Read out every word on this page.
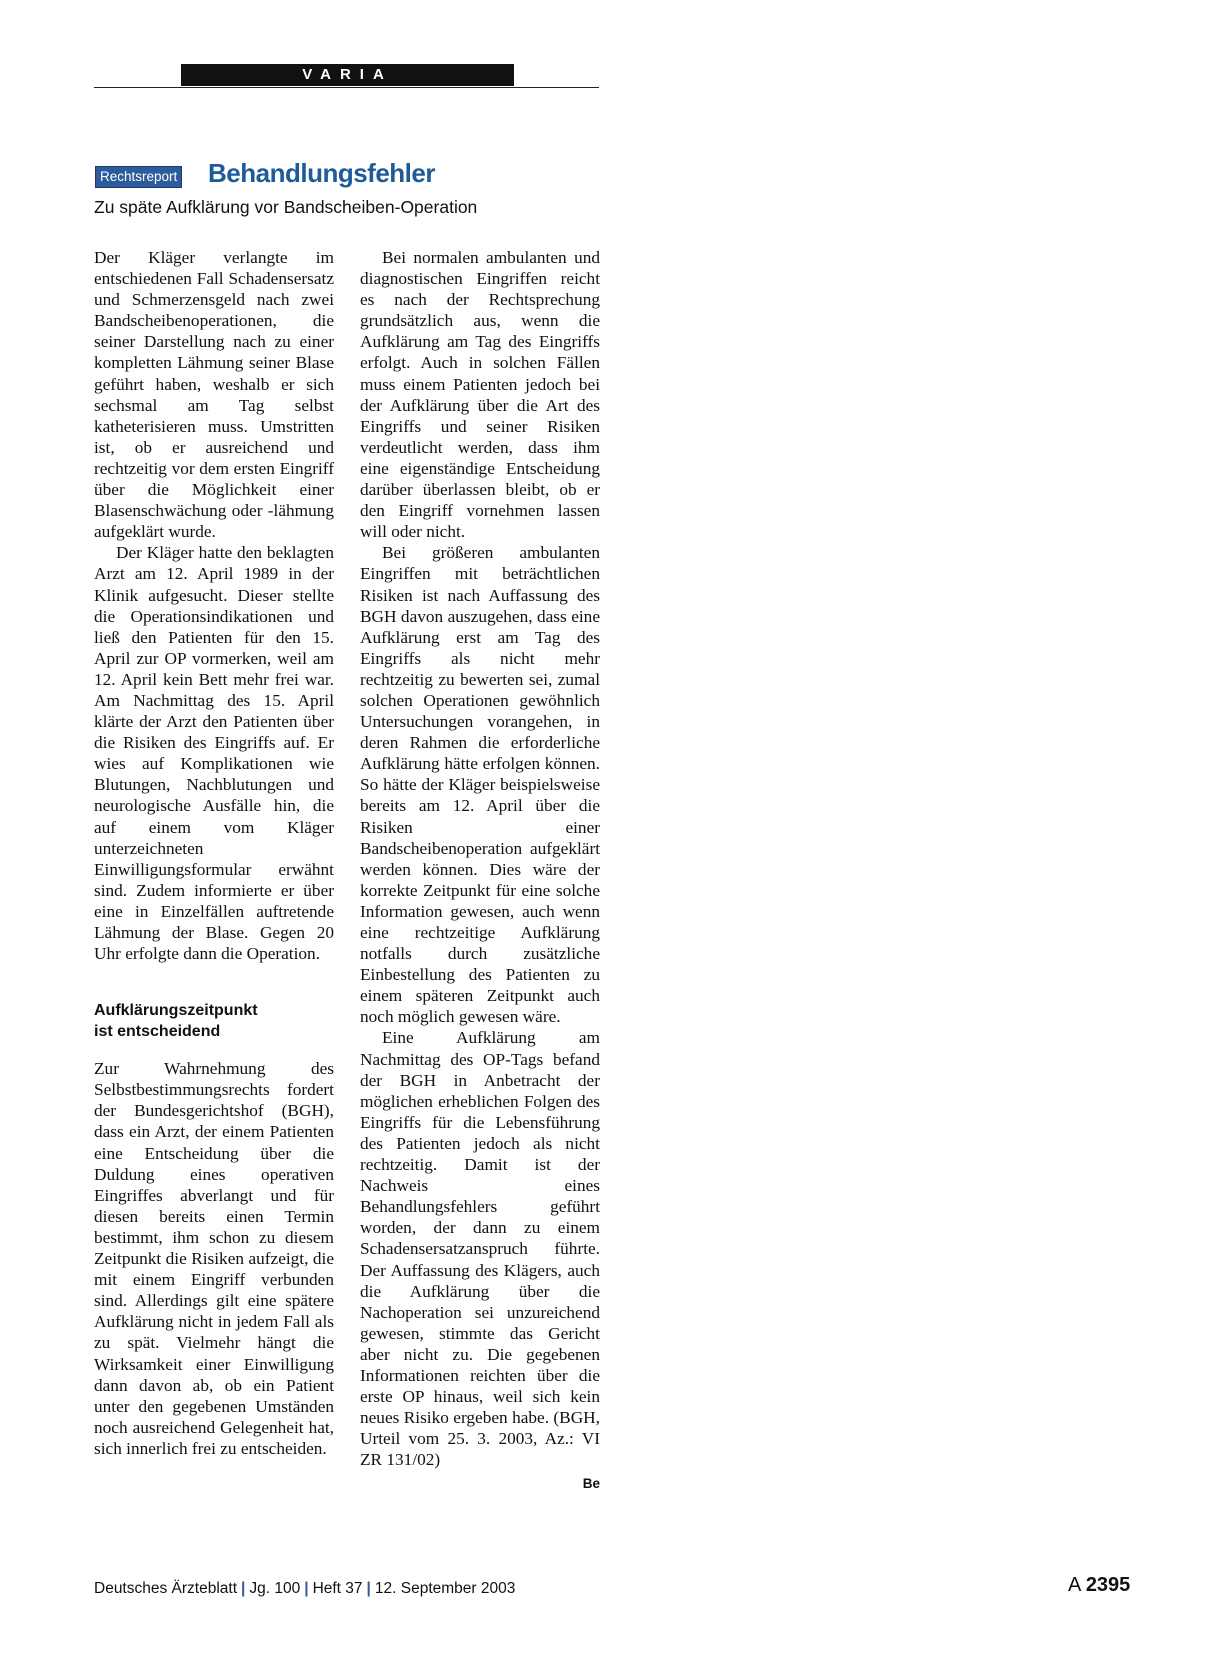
VARIA
Rechtsreport Behandlungsfehler
Zu späte Aufklärung vor Bandscheiben-Operation

Der Kläger verlangte im entschiedenen Fall Schadensersatz und Schmerzensgeld nach zwei Bandscheibenoperationen, die seiner Darstellung nach zu einer kompletten Lähmung seiner Blase geführt haben, weshalb er sich sechsmal am Tag selbst katheterisieren muss. Umstritten ist, ob er ausreichend und rechtzeitig vor dem ersten Eingriff über die Möglichkeit einer Blasenschwächung oder -lähmung aufgeklärt wurde.

Der Kläger hatte den beklagten Arzt am 12. April 1989 in der Klinik aufgesucht. Dieser stellte die Operationsindikationen und ließ den Patienten für den 15. April zur OP vormerken, weil am 12. April kein Bett mehr frei war. Am Nachmittag des 15. April klärte der Arzt den Patienten über die Risiken des Eingriffs auf. Er wies auf Komplikationen wie Blutungen, Nachblutungen und neurologische Ausfälle hin, die auf einem vom Kläger unterzeichneten Einwilligungsformular erwähnt sind. Zudem informierte er über eine in Einzelfällen auftretende Lähmung der Blase. Gegen 20 Uhr erfolgte dann die Operation.

Aufklärungszeitpunkt
ist entscheidend

Zur Wahrnehmung des Selbstbestimmungsrechts fordert der Bundesgerichtshof (BGH), dass ein Arzt, der einem Patienten eine Entscheidung über die Duldung eines operativen Eingriffes abverlangt und für diesen bereits einen Termin bestimmt, ihm schon zu diesem Zeitpunkt die Risiken aufzeigt, die mit einem Eingriff verbunden sind. Allerdings gilt eine spätere Aufklärung nicht in jedem Fall als zu spät. Vielmehr hängt die Wirksamkeit einer Einwilligung dann davon ab, ob ein Patient unter den gegebenen Umständen noch ausreichend Gelegenheit hat, sich innerlich frei zu entscheiden.

Bei normalen ambulanten und diagnostischen Eingriffen reicht es nach der Rechtsprechung grundsätzlich aus, wenn die Aufklärung am Tag des Eingriffs erfolgt. Auch in solchen Fällen muss einem Patienten jedoch bei der Aufklärung über die Art des Eingriffs und seiner Risiken verdeutlicht werden, dass ihm eine eigenständige Entscheidung darüber überlassen bleibt, ob er den Eingriff vornehmen lassen will oder nicht.

Bei größeren ambulanten Eingriffen mit beträchtlichen Risiken ist nach Auffassung des BGH davon auszugehen, dass eine Aufklärung erst am Tag des Eingriffs als nicht mehr rechtzeitig zu bewerten sei, zumal solchen Operationen gewöhnlich Untersuchungen vorangehen, in deren Rahmen die erforderliche Aufklärung hätte erfolgen können. So hätte der Kläger beispielsweise bereits am 12. April über die Risiken einer Bandscheibenoperation aufgeklärt werden können. Dies wäre der korrekte Zeitpunkt für eine solche Information gewesen, auch wenn eine rechtzeitige Aufklärung notfalls durch zusätzliche Einbestellung des Patienten zu einem späteren Zeitpunkt auch noch möglich gewesen wäre.

Eine Aufklärung am Nachmittag des OP-Tags befand der BGH in Anbetracht der möglichen erheblichen Folgen des Eingriffs für die Lebensführung des Patienten jedoch als nicht rechtzeitig. Damit ist der Nachweis eines Behandlungsfehlers geführt worden, der dann zu einem Schadensersatzanspruch führte. Der Auffassung des Klägers, auch die Aufklärung über die Nachoperation sei unzureichend gewesen, stimmte das Gericht aber nicht zu. Die gegebenen Informationen reichten über die erste OP hinaus, weil sich kein neues Risiko ergeben habe. (BGH, Urteil vom 25. 3. 2003, Az.: VI ZR 131/02)

Be
Deutsches Ärzteblatt | Jg. 100 | Heft 37 | 12. September 2003	A 2395
